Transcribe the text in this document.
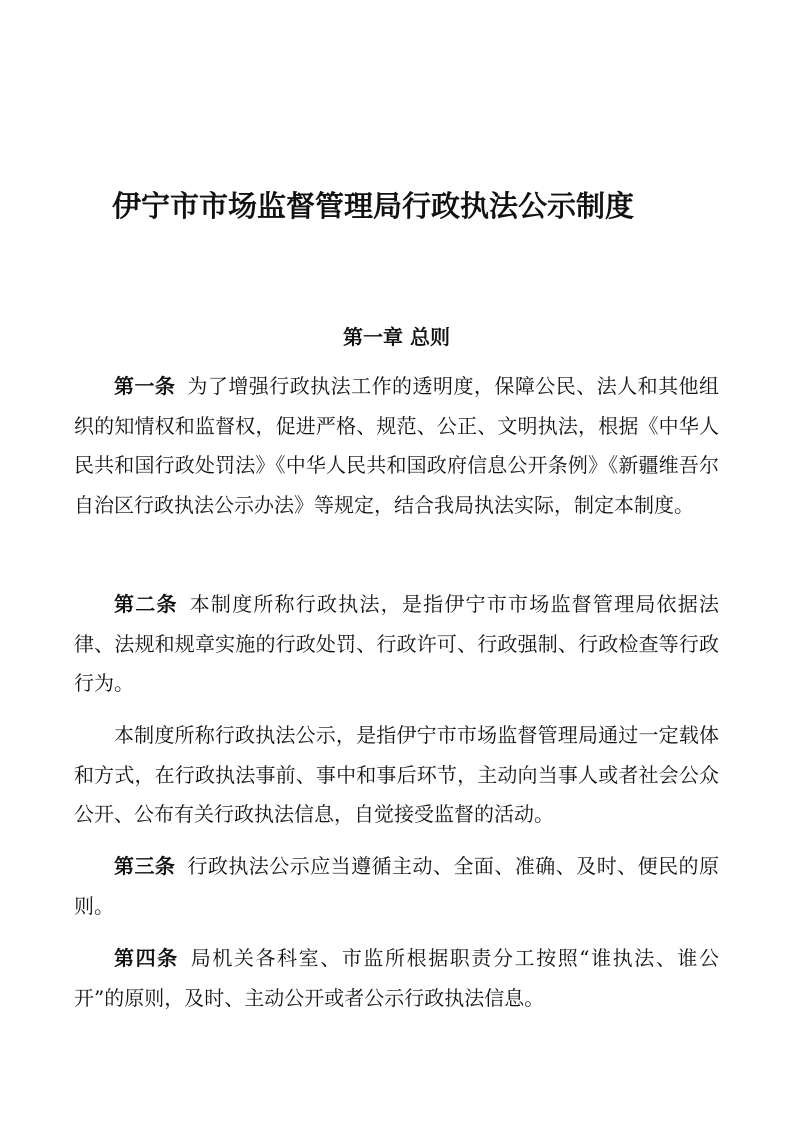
伊宁市市场监督管理局行政执法公示制度
第一章 总则

第一条 为了增强行政执法工作的透明度，保障公民、法人和其他组织的知情权和监督权，促进严格、规范、公正、文明执法，根据《中华人民共和国行政处罚法》《中华人民共和国政府信息公开条例》《新疆维吾尔自治区行政执法公示办法》等规定，结合我局执法实际，制定本制度。

第二条 本制度所称行政执法，是指伊宁市市场监督管理局依据法律、法规和规章实施的行政处罚、行政许可、行政强制、行政检查等行政行为。

本制度所称行政执法公示，是指伊宁市市场监督管理局通过一定载体和方式，在行政执法事前、事中和事后环节，主动向当事人或者社会公众公开、公布有关行政执法信息，自觉接受监督的活动。

第三条 行政执法公示应当遵循主动、全面、准确、及时、便民的原则。

第四条 局机关各科室、市监所根据职责分工按照“谁执法、谁公开”的原则，及时、主动公开或者公示行政执法信息。
